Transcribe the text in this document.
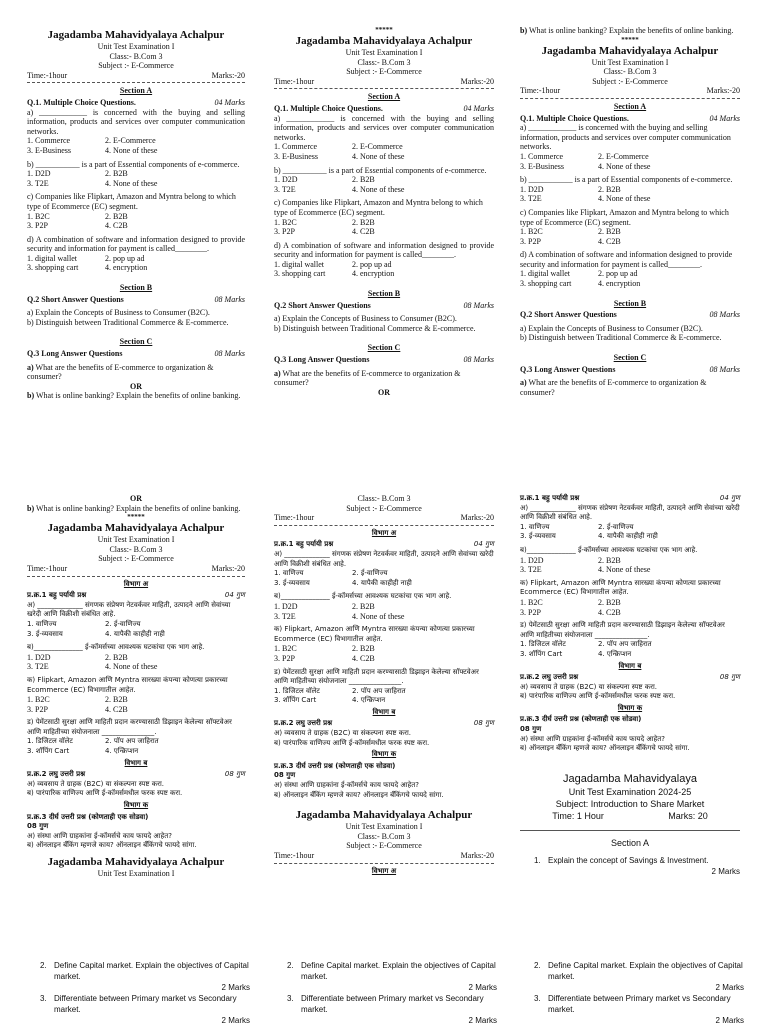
Jagadamba Mahavidyalaya Achalpur
Unit Test Examination I
Class:- B.Com 3
Subject :- E-Commerce
Time:-1hour	Marks:-20
Section A
Q.1. Multiple Choice Questions.	04 Marks
a) ____________ is concerned with the buying and selling information, products and services over computer communication networks.
1. Commerce	2. E-Commerce
3. E-Business	4. None of these
b) ___________ is a part of Essential components of e-commerce.
1. D2D	2. B2B
3. T2E	4. None of these
c) Companies like Flipkart, Amazon and Myntra belong to which type of Ecommerce (EC) segment.
1. B2C	2. B2B
3. P2P	4. C2B
d) A combination of software and information designed to provide security and information for payment is called________.
1. digital wallet	2. pop up ad
3. shopping cart	4. encryption
Section B
Q.2 Short Answer Questions	08 Marks
a) Explain the Concepts of Business to Consumer (B2C).
b) Distinguish between Traditional Commerce & E-commerce.
Section C
Q.3 Long Answer Questions	08 Marks
a) What are the benefits of E-commerce to organization & consumer?
OR
b) What is online banking? Explain the benefits of online banking.
*****
Jagadamba Mahavidyalaya Achalpur
Unit Test Examination I
Class:- B.Com 3
Subject :- E-Commerce
Time:-1hour	Marks:-20
Section A
Q.1. Multiple Choice Questions.	04 Marks
a) ____________ is concerned with the buying and selling information, products and services over computer communication networks.
1. Commerce	2. E-Commerce
3. E-Business	4. None of these
b) ___________ is a part of Essential components of e-commerce.
1. D2D	2. B2B
3. T2E	4. None of these
c) Companies like Flipkart, Amazon and Myntra belong to which type of Ecommerce (EC) segment.
1. B2C	2. B2B
3. P2P	4. C2B
d) A combination of software and information designed to provide security and information for payment is called________.
1. digital wallet	2. pop up ad
3. shopping cart	4. encryption
Section B
Q.2 Short Answer Questions	08 Marks
a) Explain the Concepts of Business to Consumer (B2C).
b) Distinguish between Traditional Commerce & E-commerce.
Section C
Q.3 Long Answer Questions	08 Marks
a) What are the benefits of E-commerce to organization & consumer?
OR
b) What is online banking? Explain the benefits of online banking.
*****
Jagadamba Mahavidyalaya Achalpur
Unit Test Examination I
Class:- B.Com 3
Subject :- E-Commerce
Time:-1hour	Marks:-20
Section A
Q.1. Multiple Choice Questions.	04 Marks
a) ____________ is concerned with the buying and selling information, products and services over computer communication networks.
1. Commerce	2. E-Commerce
3. E-Business	4. None of these
b) ___________ is a part of Essential components of e-commerce.
1. D2D	2. B2B
3. T2E	4. None of these
c) Companies like Flipkart, Amazon and Myntra belong to which type of Ecommerce (EC) segment.
1. B2C	2. B2B
3. P2P	4. C2B
d) A combination of software and information designed to provide security and information for payment is called________.
1. digital wallet	2. pop up ad
3. shopping cart	4. encryption
Section B
Q.2 Short Answer Questions	08 Marks
a) Explain the Concepts of Business to Consumer (B2C).
b) Distinguish between Traditional Commerce & E-commerce.
Section C
Q.3 Long Answer Questions	08 Marks
a) What are the benefits of E-commerce to organization & consumer?
OR
b) What is online banking? Explain the benefits of online banking.
*****
Jagadamba Mahavidyalaya Achalpur
Unit Test Examination I
Class:- B.Com 3
Subject :- E-Commerce
Time:-1hour	Marks:-20
विभाग अ
प्र.क्र.1 बहु पर्यायी प्रश्न	04 गुण
अ) _____________ संगणक संप्रेषण नेटवर्कवर माहिती, उत्पादने आणि सेवांच्या खरेदी आणि विक्रीशी संबंधित आहे.
1. वाणिज्य	2. ई-वाणिज्य
3. ई-व्यवसाय	4. यापैकी काहीही नाही
ब)______________ ई-कॉमर्सच्या आवश्यक घटकांचा एक भाग आहे.
1. D2D	2. B2B
3. T2E	4. None of these
क) Flipkart, Amazon आणि Myntra सारख्या कंपन्या कोणत्या प्रकारच्या Ecommerce (EC) विभागातील आहेत.
1. B2C	2. B2B
3. P2P	4. C2B
ड) पेमेंटसाठी सुरक्षा आणि माहिती प्रदान करण्यासाठी डिझाइन केलेल्या सॉफ्टवेअर आणि माहितीच्या संयोजनाला _______________.
1. डिजिटल वॉलेट	2. पॉप अप जाहिरात
3. शॉपिंग Cart	4. एन्क्रिप्शन
विभाग ब
प्र.क्र.2 लघु उत्तरी प्रश्न	08 गुण
अ) व्यवसाय ते ग्राहक (B2C) या संकल्पना स्पष्ट करा.
ब) पारंपारिक वाणिज्य आणि ई-कॉमर्समधील फरक स्पष्ट करा.
विभाग क
प्र.क्र.3 दीर्घ उत्तरी प्रश्न (कोणताही एक सोडवा)
08 गुण
अ) संस्था आणि ग्राहकांना ई-कॉमर्सचे काय फायदे आहेत?
ब) ऑनलाइन बँकिंग म्हणजे काय? ऑनलाइन बँकिंगचे फायदे सांगा.
Jagadamba Mahavidyalaya Achalpur
Unit Test Examination I
Class:- B.Com 3
Subject :- E-Commerce
Time:-1hour	Marks:-20
विभाग अ
प्र.क्र.1 बहु पर्यायी प्रश्न	04 गुण
अ) _____________ संगणक संप्रेषण नेटवर्कवर माहिती, उत्पादने आणि सेवांच्या खरेदी आणि विक्रीशी संबंधित आहे.
1. वाणिज्य	2. ई-वाणिज्य
3. ई-व्यवसाय	4. यापैकी काहीही नाही
ब)______________ ई-कॉमर्सच्या आवश्यक घटकांचा एक भाग आहे.
1. D2D	2. B2B
3. T2E	4. None of these
क) Flipkart, Amazon आणि Myntra सारख्या कंपन्या कोणत्या प्रकारच्या Ecommerce (EC) विभागातील आहेत.
1. B2C	2. B2B
3. P2P	4. C2B
ड) पेमेंटसाठी सुरक्षा आणि माहिती प्रदान करण्यासाठी डिझाइन केलेल्या सॉफ्टवेअर आणि माहितीच्या संयोजनाला _______________.
1. डिजिटल वॉलेट	2. पॉप अप जाहिरात
3. शॉपिंग Cart	4. एन्क्रिप्शन
विभाग ब
प्र.क्र.2 लघु उत्तरी प्रश्न	08 गुण
अ) व्यवसाय ते ग्राहक (B2C) या संकल्पना स्पष्ट करा.
ब) पारंपारिक वाणिज्य आणि ई-कॉमर्समधील फरक स्पष्ट करा.
विभाग क
प्र.क्र.3 दीर्घ उत्तरी प्रश्न (कोणताही एक सोडवा)
08 गुण
अ) संस्था आणि ग्राहकांना ई-कॉमर्सचे काय फायदे आहेत?
ब) ऑनलाइन बँकिंग म्हणजे काय? ऑनलाइन बँकिंगचे फायदे सांगा.
Jagadamba Mahavidyalaya Achalpur
Unit Test Examination I
Class:- B.Com 3
Subject :- E-Commerce
Time:-1hour	Marks:-20
विभाग अ
प्र.क्र.1 बहु पर्यायी प्रश्न	04 गुण
अ) _____________ संगणक संप्रेषण नेटवर्कवर माहिती, उत्पादने आणि सेवांच्या खरेदी आणि विक्रीशी संबंधित आहे.
1. वाणिज्य	2. ई-वाणिज्य
3. ई-व्यवसाय	4. यापैकी काहीही नाही
ब)______________ ई-कॉमर्सच्या आवश्यक घटकांचा एक भाग आहे.
1. D2D	2. B2B
3. T2E	4. None of these
क) Flipkart, Amazon आणि Myntra सारख्या कंपन्या कोणत्या प्रकारच्या Ecommerce (EC) विभागातील आहेत.
1. B2C	2. B2B
3. P2P	4. C2B
ड) पेमेंटसाठी सुरक्षा आणि माहिती प्रदान करण्यासाठी डिझाइन केलेल्या सॉफ्टवेअर आणि माहितीच्या संयोजनाला _______________.
1. डिजिटल वॉलेट	2. पॉप अप जाहिरात
3. शॉपिंग Cart	4. एन्क्रिप्शन
विभाग ब
प्र.क्र.2 लघु उत्तरी प्रश्न	08 गुण
अ) व्यवसाय ते ग्राहक (B2C) या संकल्पना स्पष्ट करा.
ब) पारंपारिक वाणिज्य आणि ई-कॉमर्समधील फरक स्पष्ट करा.
विभाग क
प्र.क्र.3 दीर्घ उत्तरी प्रश्न (कोणताही एक सोडवा)
08 गुण
अ) संस्था आणि ग्राहकांना ई-कॉमर्सचे काय फायदे आहेत?
ब) ऑनलाइन बँकिंग म्हणजे काय? ऑनलाइन बँकिंगचे फायदे सांगा.
Jagadamba Mahavidyalaya
Unit Test Examination 2024-25
Subject: Introduction to Share Market
Time: 1 Hour	Marks: 20
Section A
1. Explain the concept of Savings & Investment.
2 Marks
2. Define Capital market. Explain the objectives of Capital market.
2 Marks
3. Differentiate between Primary market vs Secondary market.
2 Marks
2. Define Capital market. Explain the objectives of Capital market.
2 Marks
3. Differentiate between Primary market vs Secondary market.
2 Marks
2. Define Capital market. Explain the objectives of Capital market.
2 Marks
3. Differentiate between Primary market vs Secondary market.
2 Marks
